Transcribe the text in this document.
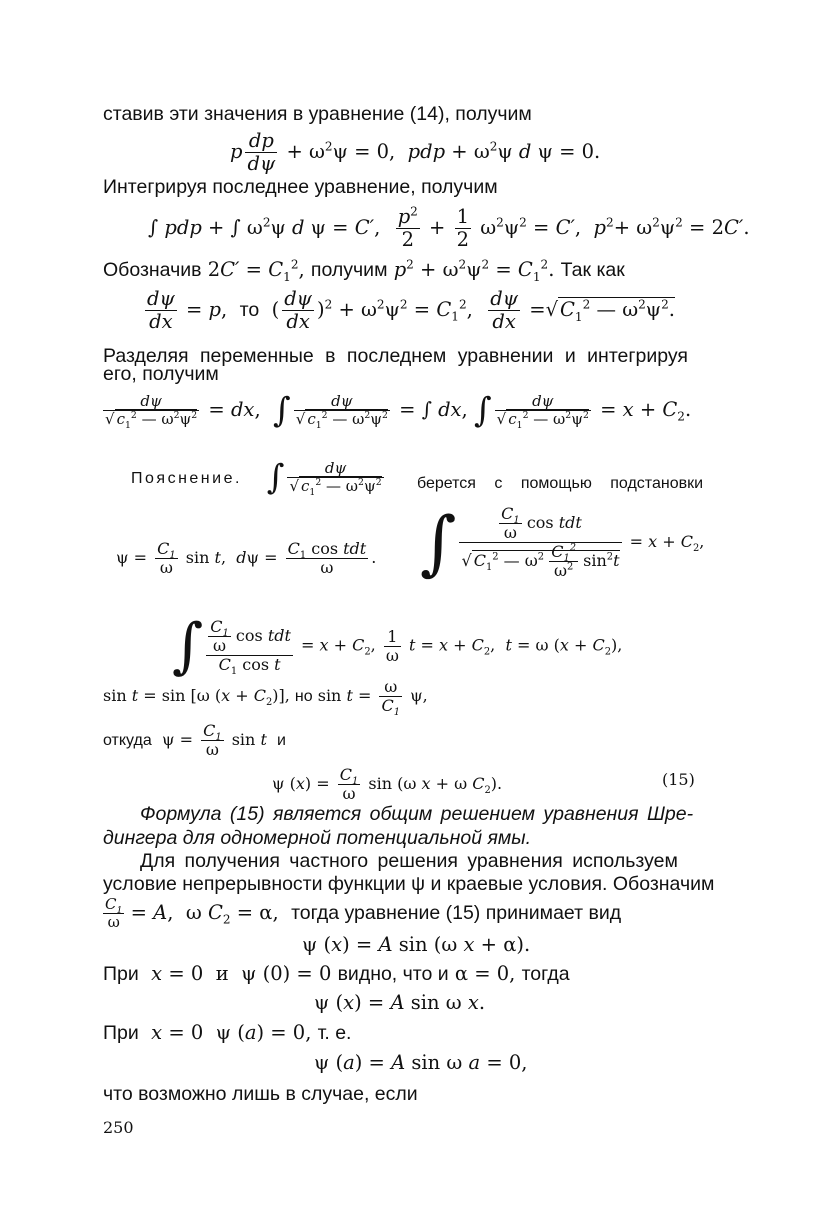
ставив эти значения в уравнение (14), получим
p $\frac{dp}{d\psi} + \omega^2\psi = 0$,  pdp + $\omega^2\psi$ d ψ = 0.
Интегрируя последнее уравнение, получим
∫ pdp + ∫ $\omega^2\psi$ d ψ = C′, $\frac{p^2}{2} + \frac{1}{2} \omega^2\psi^2 = C'$,  $p^2+ \omega^2\psi^2 = 2C'$.
Обозначив $2C' = C_1^2$, получим $p^2 + \omega^2\psi^2 = C_1^2$. Так как
$\frac{d\psi}{dx} = p$,  то  ( $\frac{d\psi}{dx} )^2 + \omega^2\psi^2 = C_1^2$, $\frac{d\psi}{dx}$ =√ $C_1^2$ — $\omega^2\psi^2$.
Разделяя переменные в последнем уравнении и интегрируя
его, получим
$\frac{d\psi}{√ c_1^2 — \omega^2\psi^2}$ = dx,  ∫ $\frac{d\psi}{√ c_1^2 — \omega^2\psi^2}$ = ∫ dx, ∫ $\frac{d\psi}{√ c_1^2 — \omega^2\psi^2} = x + C_2$.
Пояснение. ∫ $\frac{d\psi}{√ c_1^2 — \omega^2\psi^2}$ берется с помощью подстановки
$\psi = \frac{C_1}{\omega}$ sin t,  $d\psi = C_1$ cos tdt
ω
. ∫	$\frac{C_1}{\omega}$ cos tdt
√ $C_1^2$ — $\omega^2 \frac{C_1^2}{\omega^2} \sin^2t$
= $x + C_2$,
∫ $\frac{C_1}{\omega}$ cos tdt
$C_1$ cos t
= $x + C_2$, $\frac{1}{\omega}$ $t = x + C_2$,  t = ω $(x + C_2)$,
sin t = sin [ω $(x + C_2)$], но $\sin t = \frac{\omega}{C_1} \psi$,
откуда  $\psi = \frac{C_1}{\omega}$ sin t и
ψ $(x) = \frac{C_1}{\omega}$ sin (ω x + ω $C_2$).	(15)
Формула (15) является общим решением уравнения Шре-
дингера для одномерной потенциальной ямы.
Для получения частного решения уравнения используем
условие непрерывности функции ψ и краевые условия. Обозначим
$\frac{C_1}{\omega} = A$,  ω $C_2 = \alpha$,  тогда уравнение (15) принимает вид
ψ (x) = A sin (ω x + α).
При x = 0  и  ψ (0) = 0 видно, что и α = 0, тогда
ψ (x) = A sin ω x.
При x = 0  ψ (a) = 0, т. е.
ψ (a) = A sin ω a = 0,
что возможно лишь в случае, если
250
